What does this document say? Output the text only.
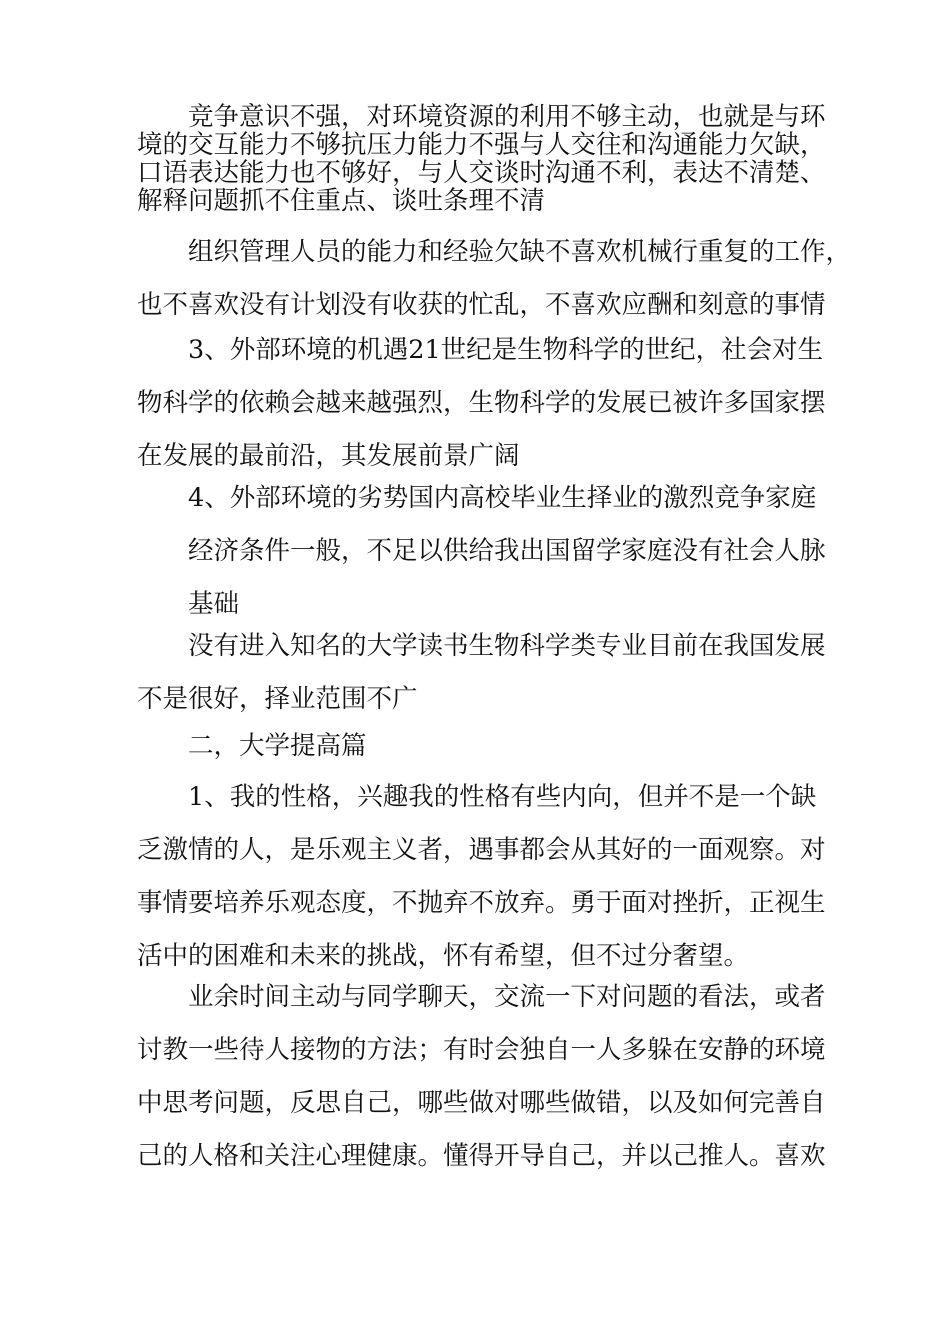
竞争意识不强，对环境资源的利用不够主动，也就是与环
境的交互能力不够抗压力能力不强与人交往和沟通能力欠缺，
口语表达能力也不够好，与人交谈时沟通不利，表达不清楚、
解释问题抓不住重点、谈吐条理不清
组织管理人员的能力和经验欠缺不喜欢机械行重复的工作，
也不喜欢没有计划没有收获的忙乱，不喜欢应酬和刻意的事情
3、外部环境的机遇21世纪是生物科学的世纪，社会对生
物科学的依赖会越来越强烈，生物科学的发展已被许多国家摆
在发展的最前沿，其发展前景广阔
4、外部环境的劣势国内高校毕业生择业的激烈竞争家庭
经济条件一般，不足以供给我出国留学家庭没有社会人脉
基础
没有进入知名的大学读书生物科学类专业目前在我国发展
不是很好，择业范围不广
二，大学提高篇
1、我的性格，兴趣我的性格有些内向，但并不是一个缺
乏激情的人，是乐观主义者，遇事都会从其好的一面观察。对
事情要培养乐观态度，不抛弃不放弃。勇于面对挫折，正视生
活中的困难和未来的挑战，怀有希望，但不过分奢望。
业余时间主动与同学聊天，交流一下对问题的看法，或者
讨教一些待人接物的方法；有时会独自一人多躲在安静的环境
中思考问题，反思自己，哪些做对哪些做错，以及如何完善自
己的人格和关注心理健康。懂得开导自己，并以己推人。喜欢
